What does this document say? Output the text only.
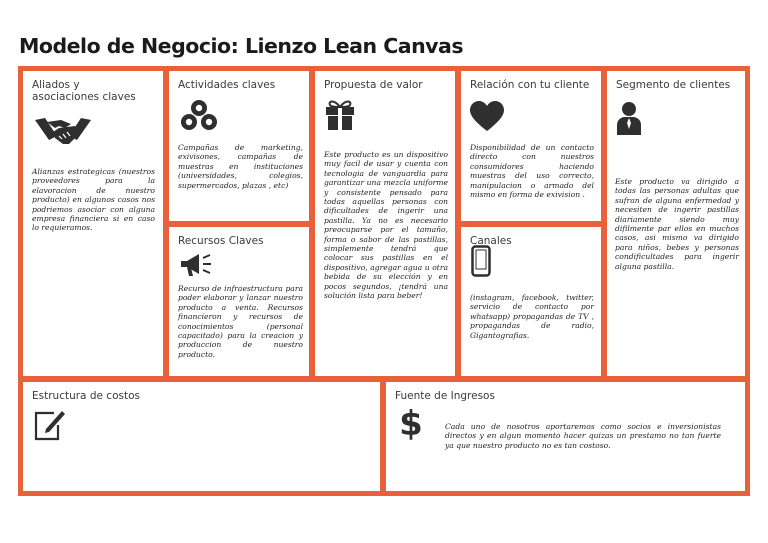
Modelo de Negocio: Lienzo Lean Canvas
Aliados y
asociaciones claves
Alianzas estrategicas (nuestros proveedores para la elavoracion de nuestro producto) en algunos casos nos podriemos asociar con alguna empresa financiera si en caso lo requieramos.
Actividades claves
Campañas de marketing, exivisones, campañas de muestras en instituciones (universidades, colegios, supermercados, plazas , etc)
Recursos Claves
Recurso de infraestructura para poder elaborar y lanzar nuestro producto a venta. Recursos financieron y recursos de conocimientos (personal capacitado) para la creacion y produccion de nuestro producto.
Propuesta de valor
Este producto es un dispositivo muy facil de usar y cuenta con tecnologia de vanguardia para garantizar una mezcla uniforme y consistente pensado para todas aquellas personas con dificultades de ingerir una pastilla. Ya no es necesario preocuparse por el tamaño, forma o sabor de las pastillas, simplemente tendrá que colocar sus pastillas en el dispositivo, agregar agua u otra bebida de su elección y en pocos segundos, ¡tendrá una solución lista para beber!
Relación con tu cliente
Disponibilidad de un contacto directo con nuestros consumidores haciendo muestras del uso correcto, manipulacion o armado del mismo en forma de exivision .
Canales
(instagram, facebook, twitter, servicio de contacto por whatsapp) propagandas de TV , propagandas de radio, Gigantografias.
Segmento de clientes
Este producto va dirigido a todas las personas adultas que sufran de alguna enfermedad y necesiten de ingerir pastillas diariamente siendo muy difilmente par ellos en muchos casos, asi mismo va dirigido para niños, bebes y personas condificultades para ingerir alguna pastilla.
Estructura de costos	Fuente de Ingresos
$	Cada uno de nosotros aportaremos como socios e inversionistas directos y en algun momento hacer quizas un prestamo no tan fuerte ya que nuestro producto no es tan costoso.
